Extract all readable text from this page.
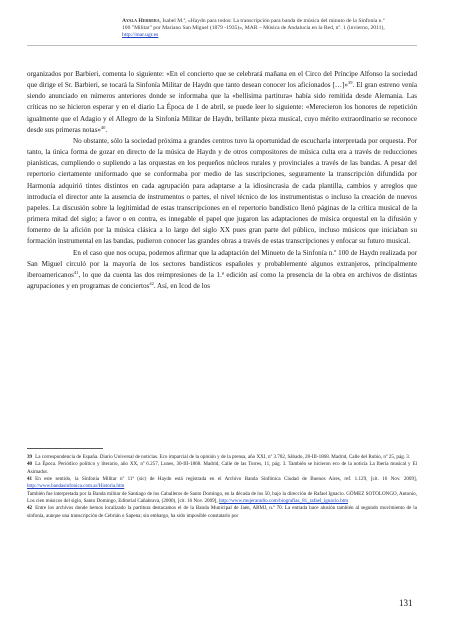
Ayala Herrera, Isabel M.ª, «Haydn para todos: La transcripción para banda de música del minuto de la Sinfonía n.º 100 "Militar" por Mariano San Miguel (1879 -1935)», MAR – Música de Andalucía en la Red, nº. 1 (invierno, 2011), http://mar.ugr.es

organizados por Barbieri, comenta lo siguiente: «En el concierto que se celebrará mañana en el Circo del Príncipe Alfonso la sociedad que dirige el Sr. Barbieri, se tocará la Sinfonía Militar de Haydn que tanto desean conocer los aficionados […]»$^{39}$. El gran estreno venía siendo anunciado en números anteriores donde se informaba que la «bellísima partitura» había sido remitida desde Alemania. Las críticas no se hicieron esperar y en el diario La Época de 1 de abril, se puede leer lo siguiente: «Merecieron los honores de repetición igualmente que el Adagio y el Allegro de la Sinfonía Militar de Haydn, brillante pieza musical, cuyo mérito extraordinario se reconoce desde sus primeras notas»$^{40}$.

No obstante, sólo la sociedad próxima a grandes centros tuvo la oportunidad de escucharla interpretada por orquesta. Por tanto, la única forma de gozar en directo de la música de Haydn y de otros compositores de música culta era a través de reducciones pianísticas, cumpliendo o supliendo a las orquestas en los pequeños núcleos rurales y provinciales a través de las bandas. A pesar del repertorio ciertamente uniformado que se conformaba por medio de las suscripciones, seguramente la transcripción difundida por Harmonía adquirió tintes distintos en cada agrupación para adaptarse a la idiosincrasia de cada plantilla, cambios y arreglos que introducía el director ante la ausencia de instrumentos o partes, el nivel técnico de los instrumentistas o incluso la creación de nuevos papeles. La discusión sobre la legitimidad de estas transcripciones en el repertorio bandístico llenó páginas de la crítica musical de la primera mitad del siglo; a favor o en contra, es innegable el papel que jugaron las adaptaciones de música orquestal en la difusión y fomento de la afición por la música clásica a lo largo del siglo XX pues gran parte del público, incluso músicos que iniciaban su formación instrumental en las bandas, pudieron conocer las grandes obras a través de estas transcripciones y enfocar su futuro musical.

En el caso que nos ocupa, podemos afirmar que la adaptación del Minueto de la Sinfonía n.º 100 de Haydn realizada por San Miguel circuló por la mayoría de los sectores bandísticos españoles y probablemente algunos extranjeros, principalmente iberoamericanos$^{41}$, lo que da cuenta las dos reimpresiones de la 1.ª edición así como la presencia de la obra en archivos de distintas agrupaciones y en programas de conciertos$^{42}$. Así, en Icod de los

39 La correspondencia de España. Diario Universal de noticias. Eco imparcial de la opinión y de la prensa, año XXI, nº 3.782, Sábado, 28-III-1868. Madrid, Calle del Rubio, nº 25, pág. 3.

40 La Época. Periódico político y literario, año XX, nº 6.257, Lunes, 30-III-1868. Madrid, Calle de las Torres, 11, pág. 3. También se hicieron eco de la noticia La Iberia musical y El Asimador.

41 En este sentido, la Sinfonía Militar nº 11ª (sic) de Haydn está registrada en el Archivo Banda Sinfónica Ciudad de Buenos Aires, ref. 1.129, [cit. 16 Nov. 2009], http://www.bandasinfonica.com.ar/Historia.htm

También fue interpretada por la Banda militar de Santiago de los Caballeros de Santo Domingo, en la década de los 50, bajo la dirección de Rafael Ignacio. GÓMEZ SOTOLONGO, Antonio, Los cien músicos del siglo, Santo Domingo, Editorial Cañabrava, (2000), [cit. 16 Nov. 2009], http://www.mujeraradio.com/biografias_81_rafael_ignacio.htm

42 Entre los archivos donde hemos localizado la partitura destacamos el de la Banda Municipal de Jaén, ABMJ, n.º 70. La entrada hace alusión también al segundo movimiento de la sinfonía, aunque una transcripción de Cebrián o Sapena; sin embargo, ha sido imposible constatarlo por

131
